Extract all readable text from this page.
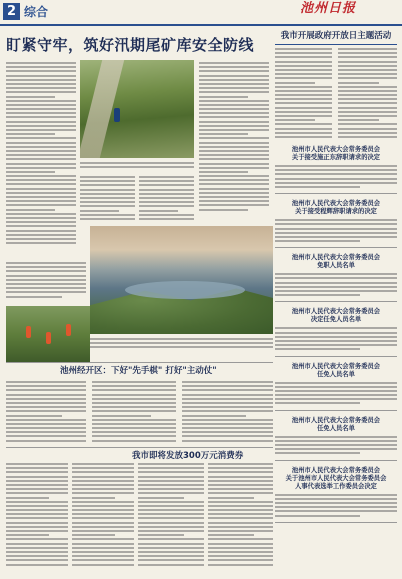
2 综合	池州日报
盯紧守牢，筑好汛期尾矿库安全防线	我市开展政府开放日主题活动
池州市人民代表大会常务委员会
关于接受施正东辞职请求的决定
池州市人民代表大会常务委员会
关于接受程辉辞职请求的决定
池州市人民代表大会常务委员会
免职人员名单
池州市人民代表大会常务委员会
决定任免人员名单
池州市人民代表大会常务委员会
任免人员名单
池州市人民代表大会常务委员会
任免人员名单
池州市人民代表大会常务委员会
关于池州市人民代表大会常务委员会
人事代表选举工作委员会决定
池州经开区：下好"先手棋" 打好"主动仗"
我市即将发放300万元消费券
